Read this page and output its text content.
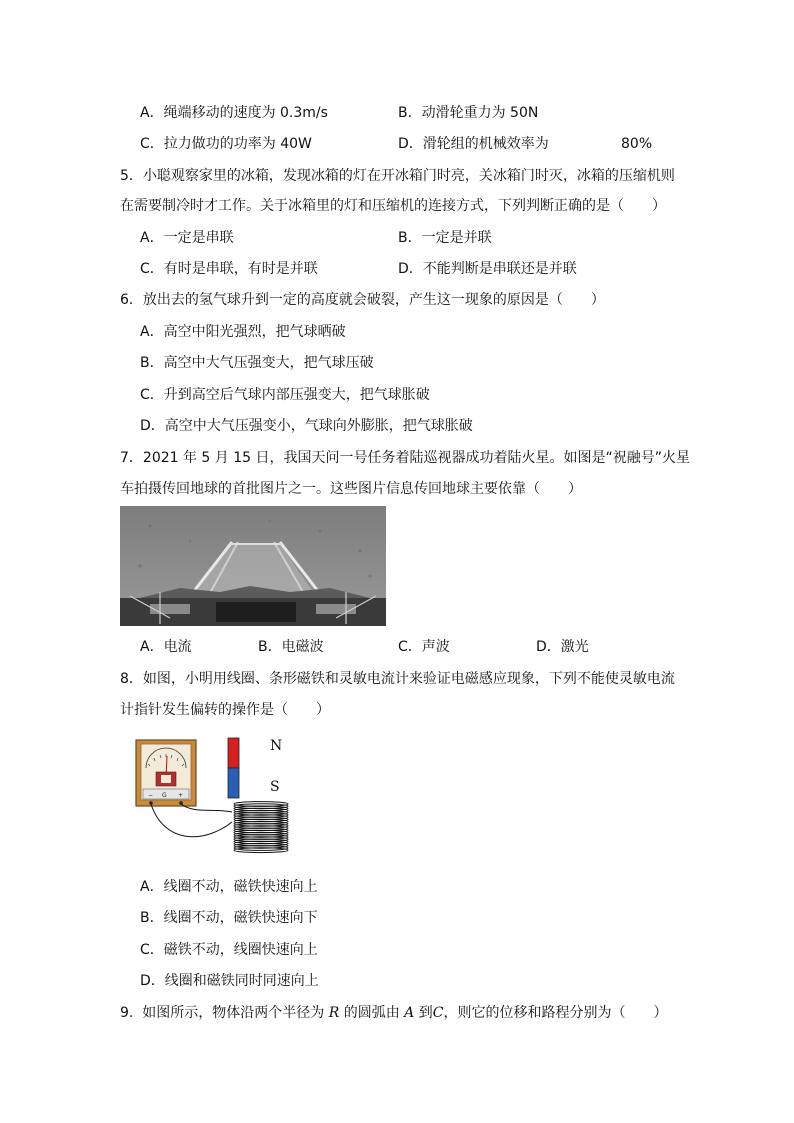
A．绳端移动的速度为 0.3m/s	B．动滑轮重力为 50N
C．拉力做功的功率为 40W	D．滑轮组的机械效率为	80%
5．小聪观察家里的冰箱，发现冰箱的灯在开冰箱门时亮，关冰箱门时灭，冰箱的压缩机则
在需要制冷时才工作。关于冰箱里的灯和压缩机的连接方式，下列判断正确的是（　　）
A．一定是串联	B．一定是并联
C．有时是串联，有时是并联	D．不能判断是串联还是并联
6．放出去的氢气球升到一定的高度就会破裂，产生这一现象的原因是（　　）
A．高空中阳光强烈，把气球晒破
B．高空中大气压强变大，把气球压破
C．升到高空后气球内部压强变大，把气球胀破
D．高空中大气压强变小，气球向外膨胀，把气球胀破
7．2021 年 5 月 15 日，我国天问一号任务着陆巡视器成功着陆火星。如图是“祝融号”火星
车拍摄传回地球的首批图片之一。这些图片信息传回地球主要依靠（　　）
A．电流	B．电磁波	C．声波	D．激光
8．如图，小明用线圈、条形磁铁和灵敏电流计来验证电磁感应现象，下列不能使灵敏电流
计指针发生偏转的操作是（　　）
− G +
N
S
A．线圈不动，磁铁快速向上
B．线圈不动，磁铁快速向下
C．磁铁不动，线圈快速向上
D．线圈和磁铁同时同速向上
9. 如图所示，物体沿两个半径为 R 的圆弧由 A 到C，则它的位移和路程分别为（　　）
